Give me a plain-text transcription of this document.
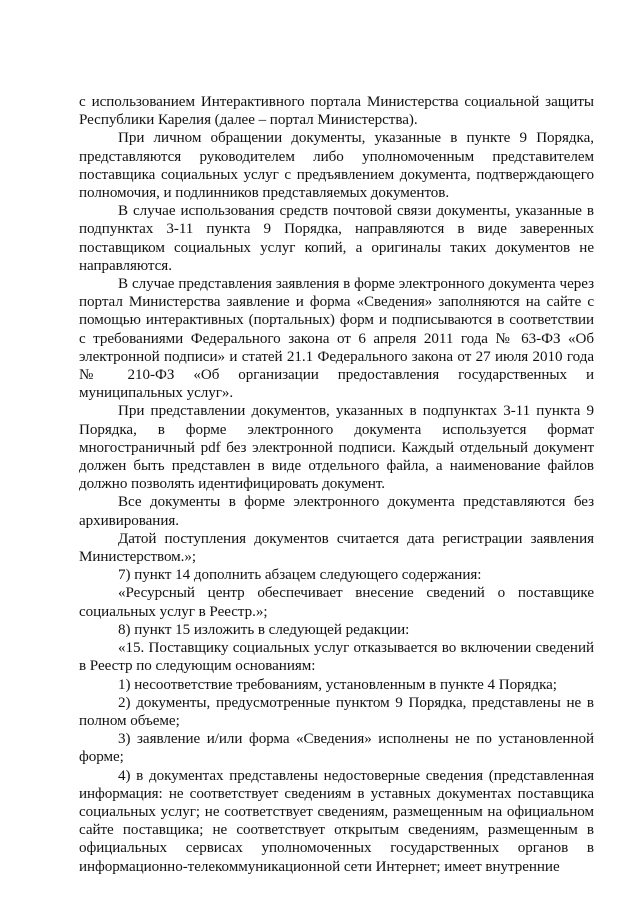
с использованием Интерактивного портала Министерства социальной защиты Республики Карелия (далее – портал Министерства).

При личном обращении документы, указанные в пункте 9 Порядка, представляются руководителем либо уполномоченным представителем поставщика социальных услуг с предъявлением документа, подтверждающего полномочия, и подлинников представляемых документов.

В случае использования средств почтовой связи документы, указанные в подпунктах 3-11 пункта 9 Порядка, направляются в виде заверенных поставщиком социальных услуг копий, а оригиналы таких документов не направляются.

В случае представления заявления в форме электронного документа через портал Министерства заявление и форма «Сведения» заполняются на сайте с помощью интерактивных (портальных) форм и подписываются в соответствии с требованиями Федерального закона от 6 апреля 2011 года № 63-ФЗ «Об электронной подписи» и статей 21.1 Федерального закона от 27 июля 2010 года № 210-ФЗ «Об организации предоставления государственных и муниципальных услуг».

При представлении документов, указанных в подпунктах 3-11 пункта 9 Порядка, в форме электронного документа используется формат многостраничный pdf без электронной подписи. Каждый отдельный документ должен быть представлен в виде отдельного файла, а наименование файлов должно позволять идентифицировать документ.

Все документы в форме электронного документа представляются без архивирования.

Датой поступления документов считается дата регистрации заявления Министерством.»;

7) пункт 14 дополнить абзацем следующего содержания:

«Ресурсный центр обеспечивает внесение сведений о поставщике социальных услуг в Реестр.»;

8) пункт 15 изложить в следующей редакции:

«15. Поставщику социальных услуг отказывается во включении сведений в Реестр по следующим основаниям:

1) несоответствие требованиям, установленным в пункте 4 Порядка;

2) документы, предусмотренные пунктом 9 Порядка, представлены не в полном объеме;

3) заявление и/или форма «Сведения» исполнены не по установленной форме;

4) в документах представлены недостоверные сведения (представленная информация: не соответствует сведениям в уставных документах поставщика социальных услуг; не соответствует сведениям, размещенным на официальном сайте поставщика; не соответствует открытым сведениям, размещенным в официальных сервисах уполномоченных государственных органов в информационно-телекоммуникационной сети Интернет; имеет внутренние
